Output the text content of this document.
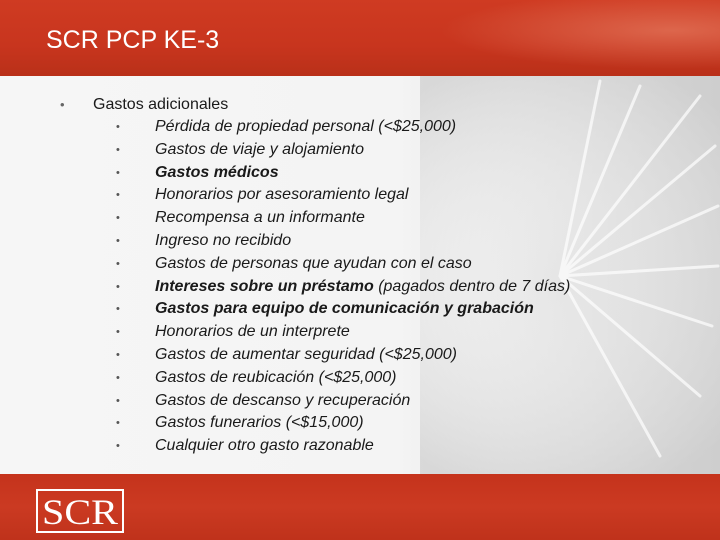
SCR PCP KE-3
• Gastos adicionales
• Pérdida de propiedad personal (<$25,000)
• Gastos de viaje y alojamiento
• Gastos médicos
• Honorarios por asesoramiento legal
• Recompensa a un informante
• Ingreso no recibido
• Gastos de personas que ayudan con el caso
• Intereses sobre un préstamo (pagados dentro de 7 días)
• Gastos para equipo de comunicación y grabación
• Honorarios de un interprete
• Gastos de aumentar seguridad (<$25,000)
• Gastos de reubicación (<$25,000)
• Gastos de descanso y recuperación
• Gastos funerarios (<$15,000)
• Cualquier otro gasto razonable
SCR
